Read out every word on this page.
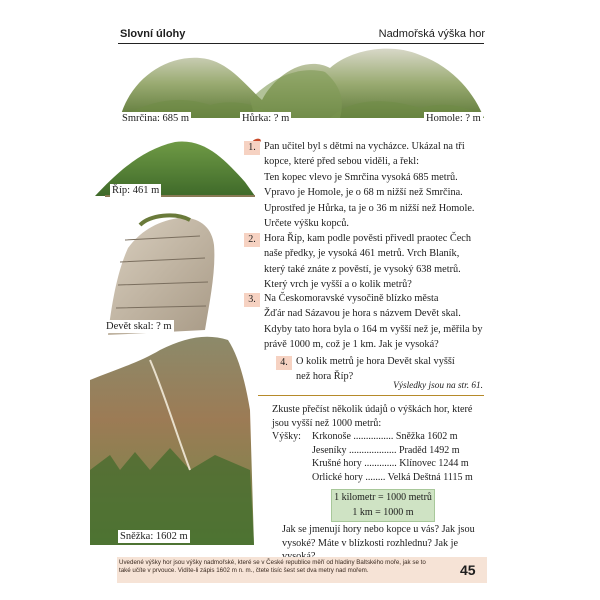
Slovní úlohy	Nadmořská výška hor
Smrčina: 685 m	Hůrka: ? m	Homole: ? m
Říp: 461 m
Devět skal: ? m
Sněžka: 1602 m
1. Pan učitel byl s dětmi na vycházce. Ukázal na tři

kopce, které před sebou viděli, a řekl:

Ten kopec vlevo je Smrčina vysoká 685 metrů.

Vpravo je Homole, je o 68 m nižší než Smrčina.

Uprostřed je Hůrka, ta je o 36 m nižší než Homole.

Určete výšku kopců.

2. Hora Říp, kam podle pověsti přivedl praotec Čech

naše předky, je vysoká 461 metrů. Vrch Blaník,

který také znáte z pověstí, je vysoký 638 metrů.

Který vrch je vyšší a o kolik metrů?

3. Na Českomoravské vysočině blízko města

Žďár nad Sázavou je hora s názvem Devět skal.

Kdyby tato hora byla o 164 m vyšší než je, měřila by

právě 1000 m, což je 1 km. Jak je vysoká?

4. O kolik metrů je hora Devět skal vyšší

než hora Říp?

Výsledky jsou na str. 61.
Zkuste přečíst několik údajů o výškách hor, které
jsou vyšší než 1000 metrů:
Výšky: Krkonoše ................ Sněžka 1602 m
Jeseníky ................... Praděd 1492 m
Krušné hory ............. Klínovec 1244 m
Orlické hory ........ Velká Deštná 1115 m
1 kilometr = 1000 metrů
1 km = 1000 m
Jak se jmenují hory nebo kopce u vás? Jak jsou
vysoké? Máte v blízkosti rozhlednu? Jak je
Uvedené výšky hor jsou výšky nadmořské, které se v České republice měří od hladiny Baltského moře, jak se to
také učíte v prvouce. Vidíte-li zápis 1602 m n. m., čtete tisíc šest set dva metry nad mořem.	45
